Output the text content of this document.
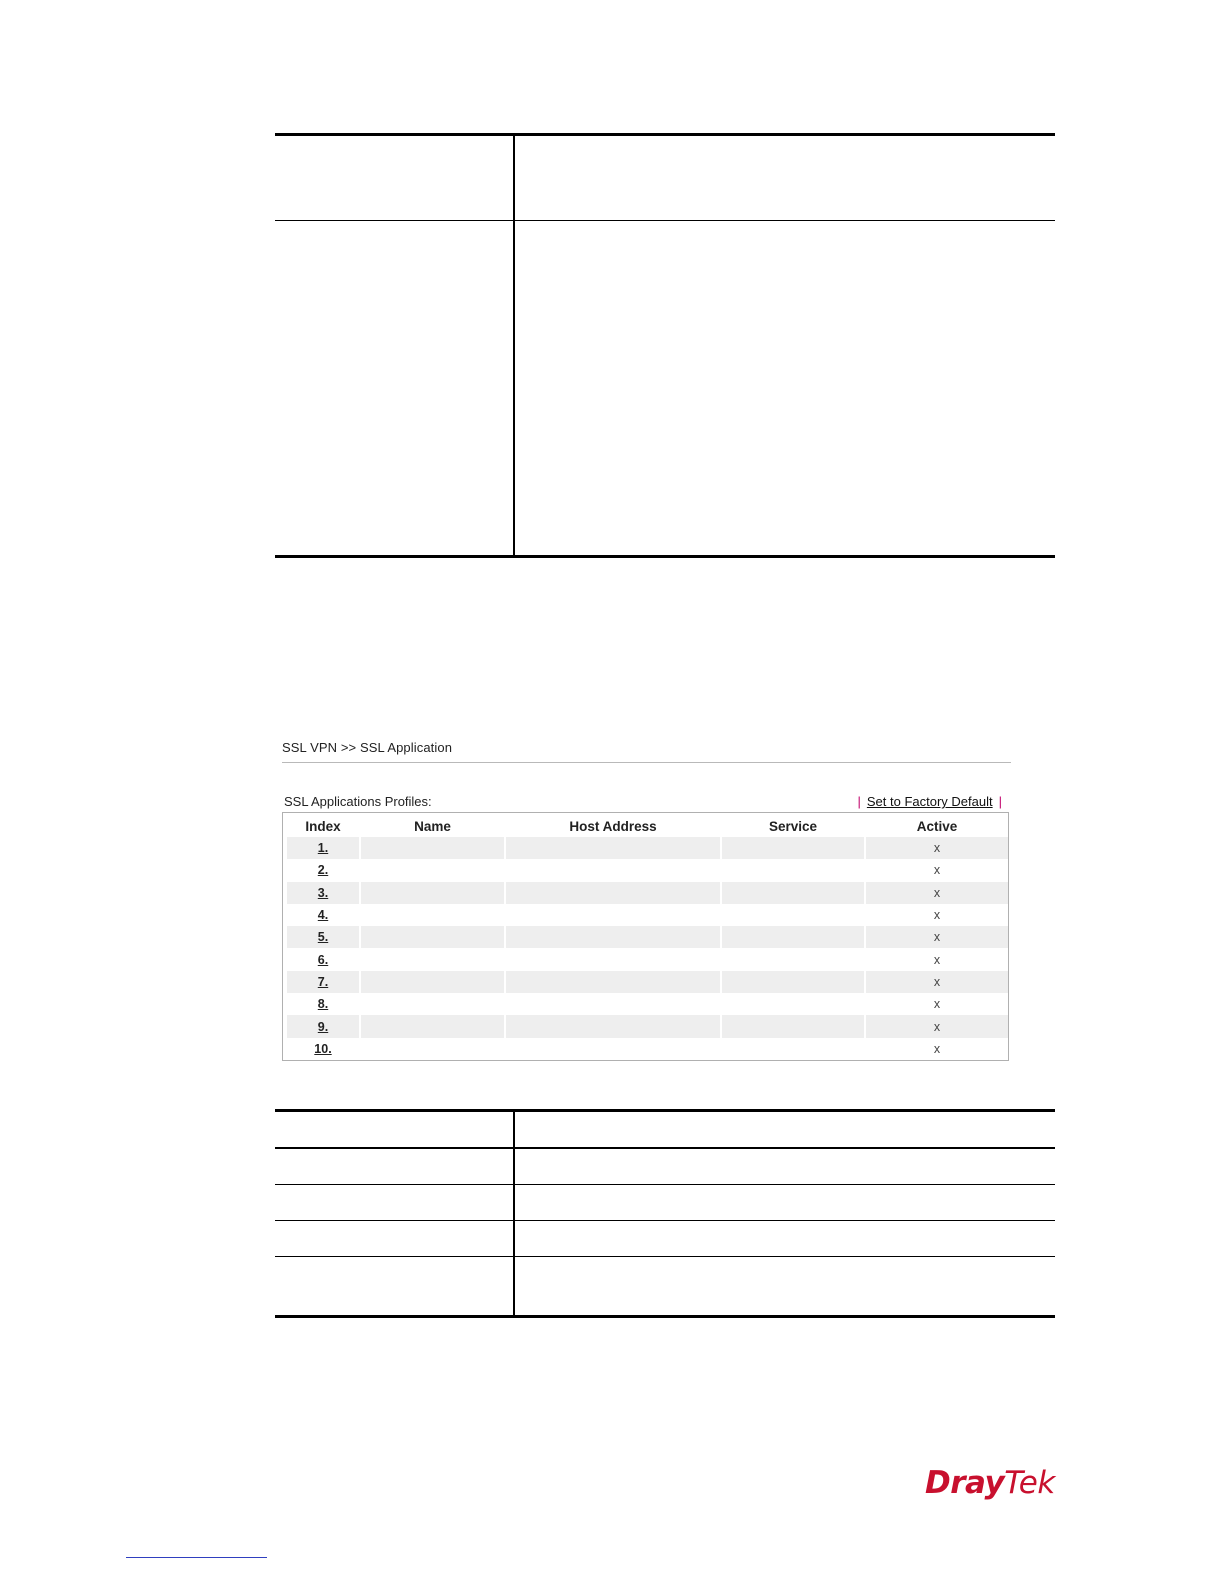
SSL VPN >> SSL Application
SSL Applications Profiles:	| Set to Factory Default |
Index	Name	Host Address	Service	Active
1.				x
2.				x
3.				x
4.				x
5.				x
6.				x
7.				x
8.				x
9.				x
10.				x

DrayTek
